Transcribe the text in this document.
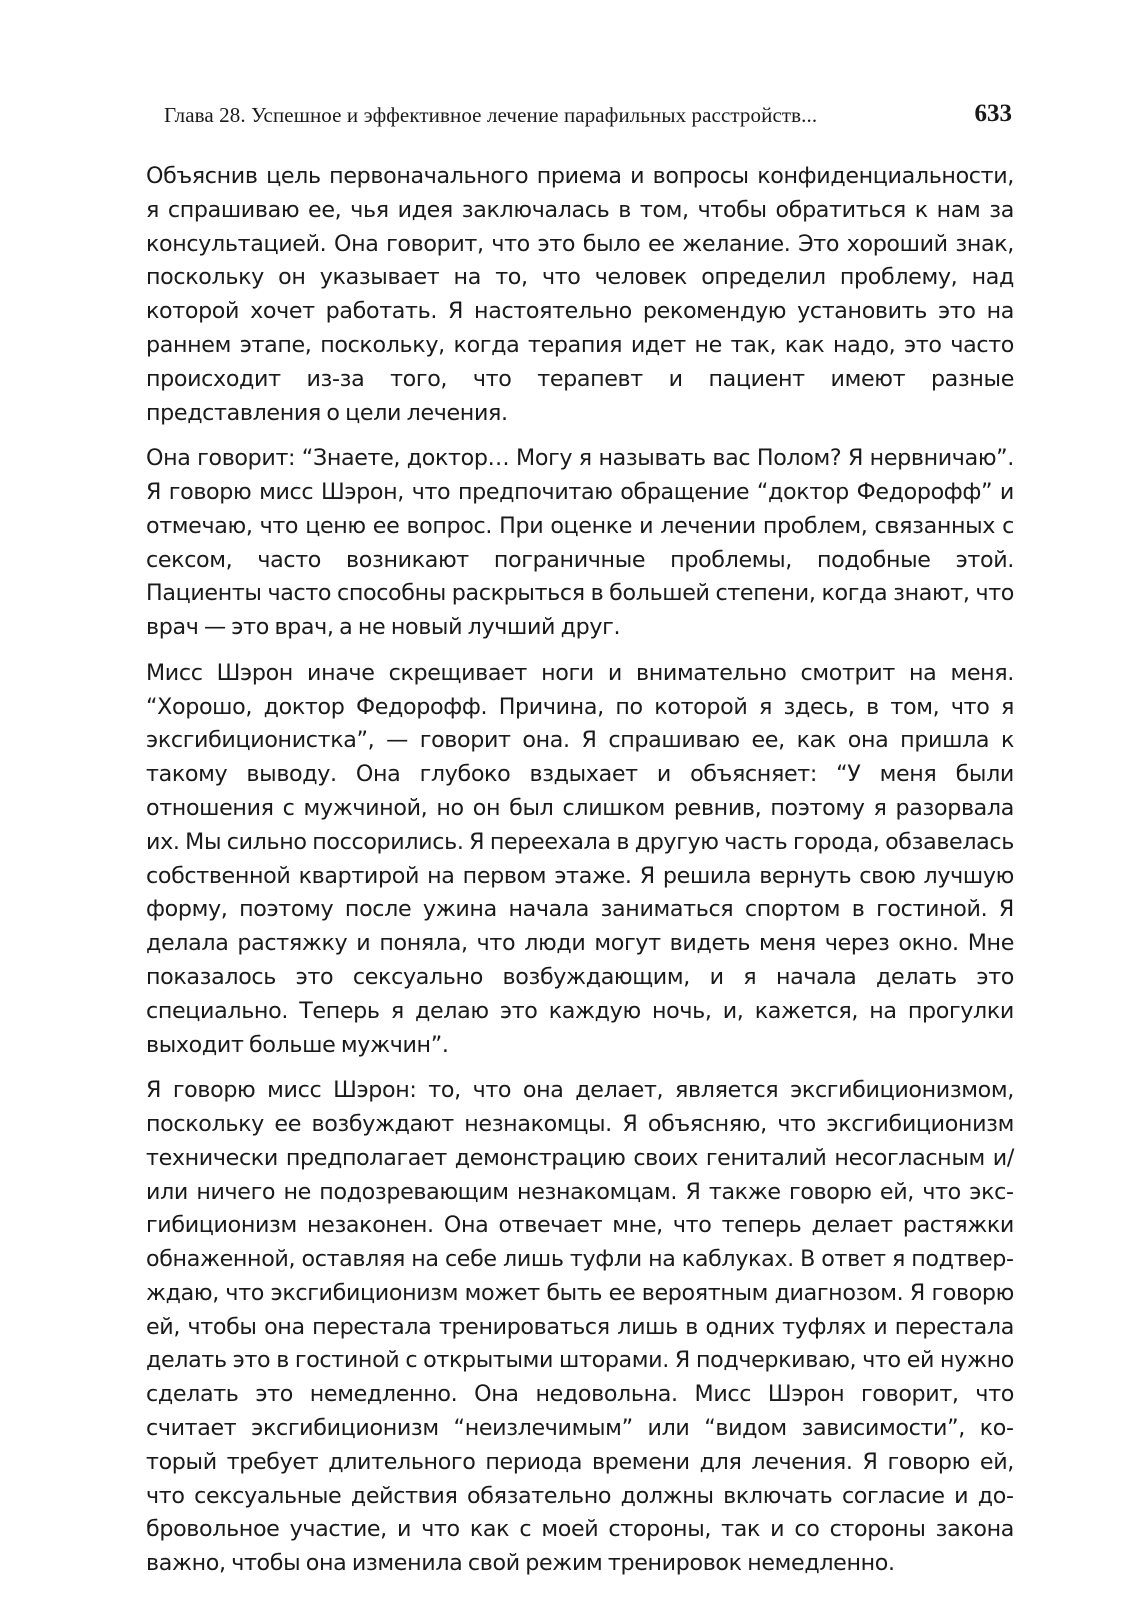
Глава 28. Успешное и эффективное лечение парафильных расстройств...	633

Объяснив цель первоначального приема и вопросы конфиденциальности, я спрашиваю ее, чья идея заключалась в том, чтобы обратиться к нам за консультацией. Она говорит, что это было ее желание. Это хороший знак, поскольку он указывает на то, что человек определил проблему, над которой хочет работать. Я настоятельно рекомендую установить это на раннем этапе, поскольку, когда терапия идет не так, как надо, это часто происходит из-за того, что терапевт и пациент имеют разные представления о цели лечения.

Она говорит: “Знаете, доктор… Могу я называть вас Полом? Я нервничаю”. Я говорю мисс Шэрон, что предпочитаю обращение “доктор Федорофф” и отмечаю, что ценю ее вопрос. При оценке и лечении проблем, связанных с сексом, часто возникают пограничные проблемы, подобные этой. Пациенты часто способны раскрыться в большей степени, когда знают, что врач — это врач, а не новый лучший друг.

Мисс Шэрон иначе скрещивает ноги и внимательно смотрит на меня. “Хорошо, доктор Федорофф. Причина, по которой я здесь, в том, что я эксгибиционистка”, — говорит она. Я спрашиваю ее, как она пришла к такому выводу. Она глубоко вздыхает и объясняет: “У меня были отношения с мужчиной, но он был слишком ревнив, поэтому я разорвала их. Мы сильно поссорились. Я переехала в другую часть города, обзавелась собственной квартирой на первом этаже. Я решила вернуть свою лучшую форму, поэтому после ужина начала заниматься спортом в гостиной. Я делала растяжку и поняла, что люди могут видеть меня через окно. Мне показалось это сексуально возбуждающим, и я начала делать это специально. Теперь я делаю это каждую ночь, и, кажется, на прогулки выходит больше мужчин”.

Я говорю мисс Шэрон: то, что она делает, является эксгибиционизмом, поскольку ее возбуждают незнакомцы. Я объясняю, что эксгибиционизм технически предполагает демонстрацию своих гениталий несогласным и/ или ничего не подозревающим незнакомцам. Я также говорю ей, что эксгибиционизм незаконен. Она отвечает мне, что теперь делает растяжки обнаженной, оставляя на себе лишь туфли на каблуках. В ответ я подтверждаю, что эксгибиционизм может быть ее вероятным диагнозом. Я говорю ей, чтобы она перестала тренироваться лишь в одних туфлях и перестала делать это в гостиной с открытыми шторами. Я подчеркиваю, что ей нужно сделать это немедленно. Она недовольна. Мисс Шэрон говорит, что считает эксгибиционизм “неизлечимым” или “видом зависимости”, который требует длительного периода времени для лечения. Я говорю ей, что сексуальные действия обязательно должны включать согласие и добровольное участие, и что как с моей стороны, так и со стороны закона важно, чтобы она изменила свой режим тренировок немедленно.
